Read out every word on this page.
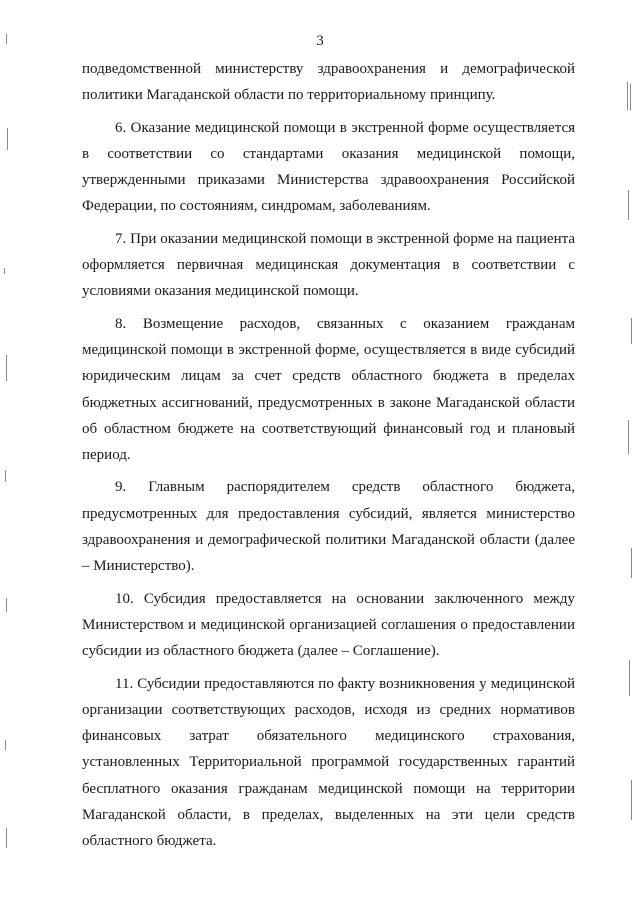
3

подведомственной министерству здравоохранения и демографической политики Магаданской области по территориальному принципу.

6. Оказание медицинской помощи в экстренной форме осуществляется в соответствии со стандартами оказания медицинской помощи, утвержденными приказами Министерства здравоохранения Российской Федерации, по состояниям, синдромам, заболеваниям.

7. При оказании медицинской помощи в экстренной форме на пациента оформляется первичная медицинская документация в соответствии с условиями оказания медицинской помощи.

8. Возмещение расходов, связанных с оказанием гражданам медицинской помощи в экстренной форме, осуществляется в виде субсидий юридическим лицам за счет средств областного бюджета в пределах бюджетных ассигнований, предусмотренных в законе Магаданской области об областном бюджете на соответствующий финансовый год и плановый период.

9. Главным распорядителем средств областного бюджета, предусмотренных для предоставления субсидий, является министерство здравоохранения и демографической политики Магаданской области (далее – Министерство).

10. Субсидия предоставляется на основании заключенного между Министерством и медицинской организацией соглашения о предоставлении субсидии из областного бюджета (далее – Соглашение).

11. Субсидии предоставляются по факту возникновения у медицинской организации соответствующих расходов, исходя из средних нормативов финансовых затрат обязательного медицинского страхования, установленных Территориальной программой государственных гарантий бесплатного оказания гражданам медицинской помощи на территории Магаданской области, в пределах, выделенных на эти цели средств областного бюджета.
